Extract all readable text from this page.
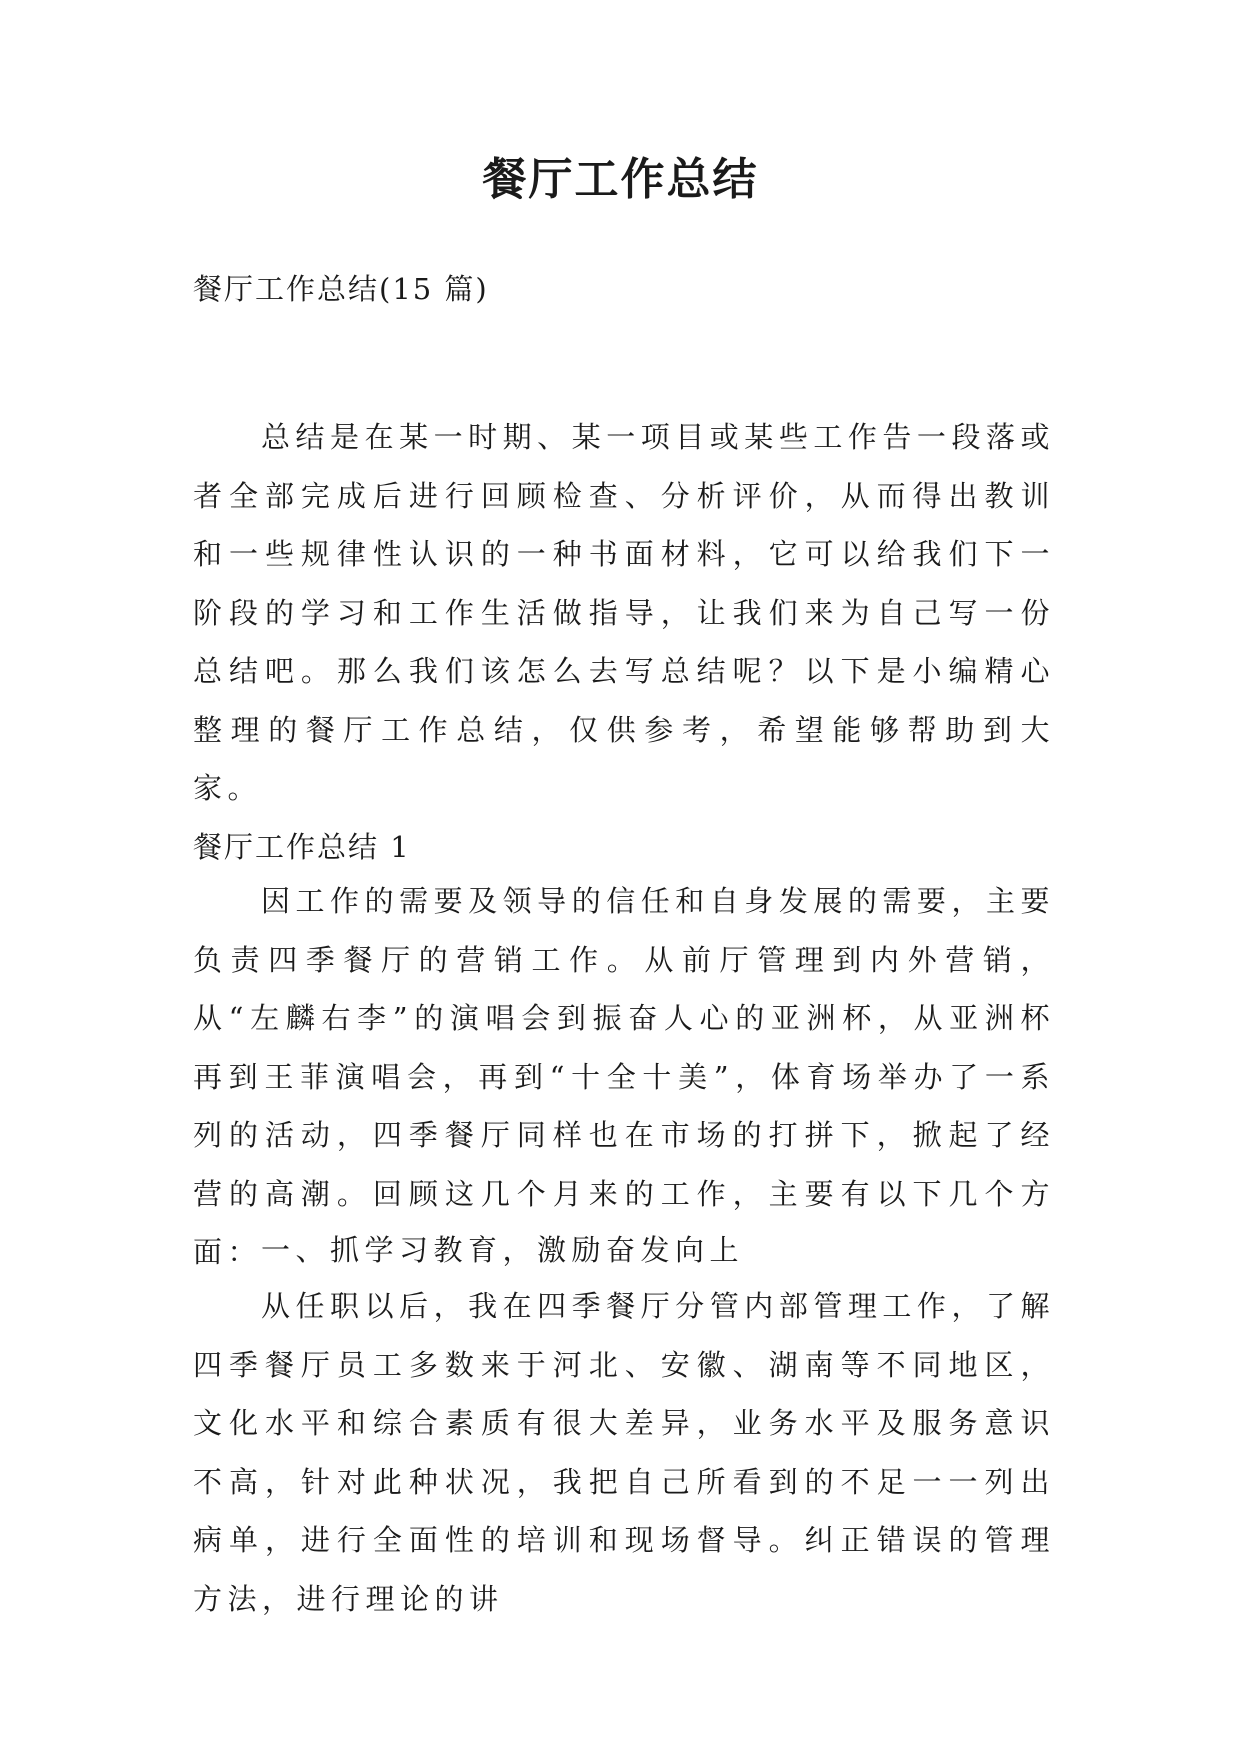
餐厅工作总结

餐厅工作总结(15 篇)

总结是在某一时期、某一项目或某些工作告一段落或者全部完成后进行回顾检查、分析评价，从而得出教训和一些规律性认识的一种书面材料，它可以给我们下一阶段的学习和工作生活做指导，让我们来为自己写一份总结吧。那么我们该怎么去写总结呢？以下是小编精心整理的餐厅工作总结，仅供参考，希望能够帮助到大家。

餐厅工作总结 1

因工作的需要及领导的信任和自身发展的需要，主要负责四季餐厅的营销工作。从前厅管理到内外营销，从“左麟右李”的演唱会到振奋人心的亚洲杯，从亚洲杯再到王菲演唱会，再到“十全十美”，体育场举办了一系列的活动，四季餐厅同样也在市场的打拼下，掀起了经营的高潮。回顾这几个月来的工作，主要有以下几个方面：

一、抓学习教育，激励奋发向上

从任职以后，我在四季餐厅分管内部管理工作，了解四季餐厅员工多数来于河北、安徽、湖南等不同地区，文化水平和综合素质有很大差异，业务水平及服务意识不高，针对此种状况，我把自己所看到的不足一一列出病单，进行全面性的培训和现场督导。纠正错误的管理方法，进行理论的讲
